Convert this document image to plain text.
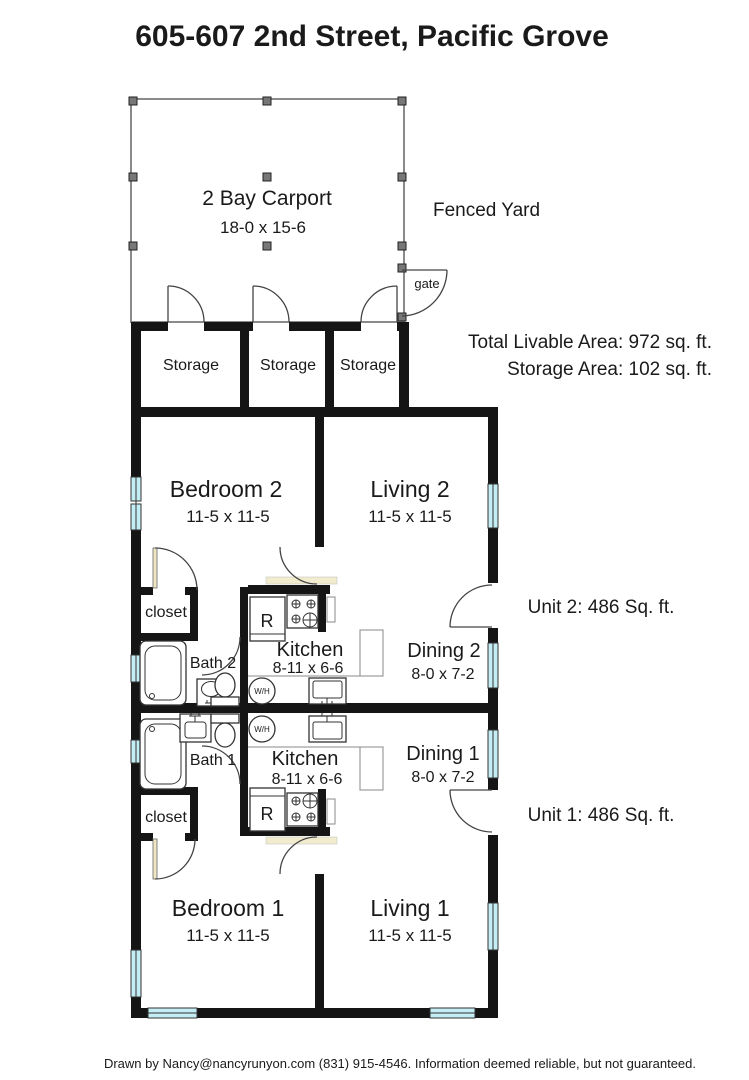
605-607 2nd Street, Pacific Grove
2 Bay Carport
18-0 x 15-6
gate
Fenced Yard
R
W/H
W/H
R
Storage	Storage Storage
Total Livable Area: 972 sq. ft.
Storage Area: 102 sq. ft.
Bedroom 2
11-5 x 11-5
Living 2
11-5 x 11-5
closet
Bath 2
Kitchen
8-11 x 6-6
Dining 2
8-0 x 7-2
Unit 2: 486 Sq. ft.
Dining 1
8-0 x 7-2
Kitchen
8-11 x 6-6
Bath 1
closet	Unit 1: 486 Sq. ft.
Bedroom 1
11-5 x 11-5
Living 1
11-5 x 11-5
Drawn by Nancy@nancyrunyon.com (831) 915-4546. Information deemed reliable, but not guaranteed.
